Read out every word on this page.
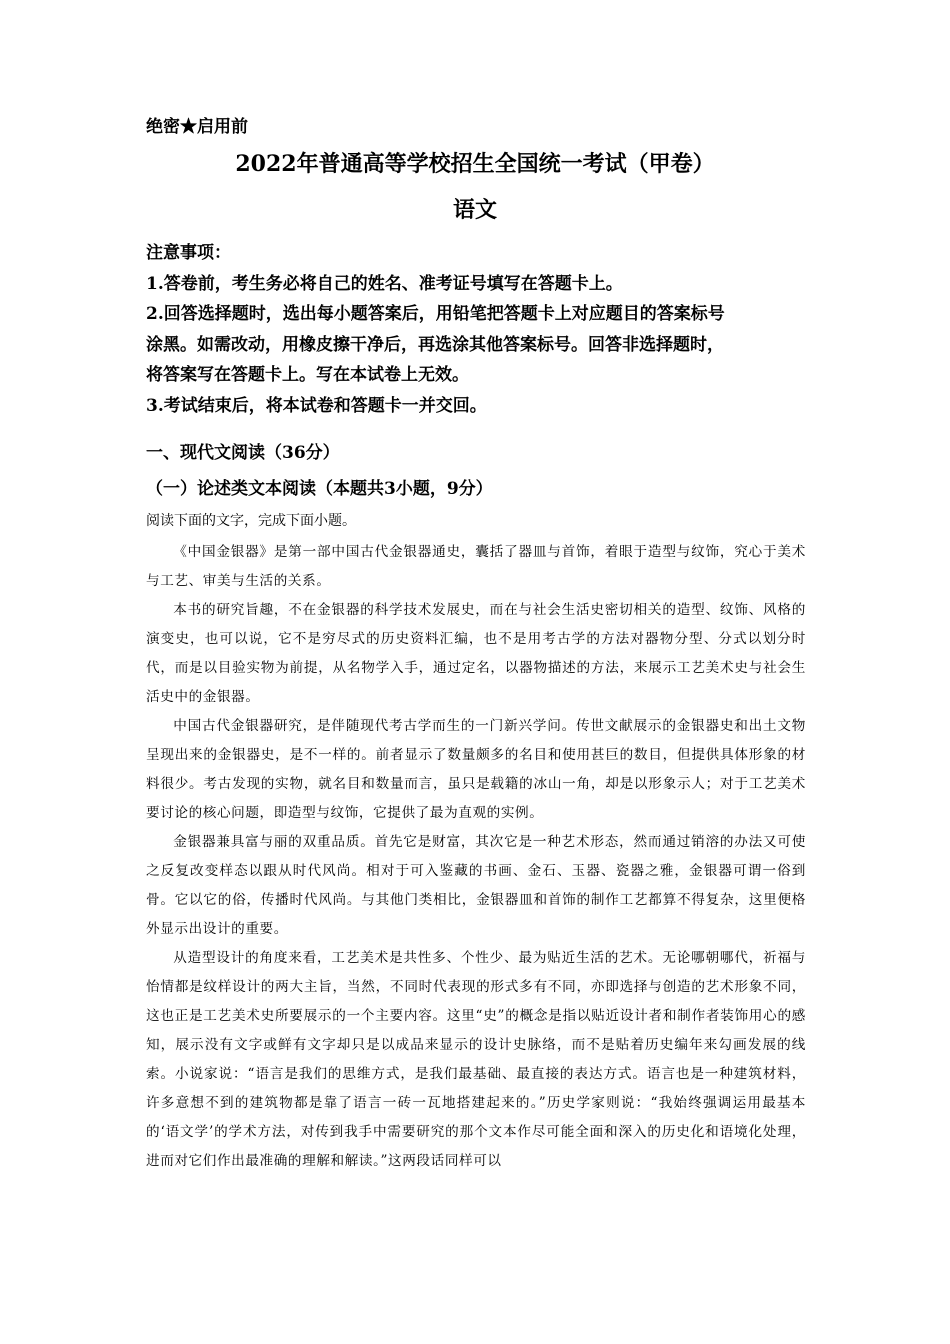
绝密★启用前
2022年普通高等学校招生全国统一考试（甲卷）
语文
注意事项：
1.答卷前，考生务必将自己的姓名、准考证号填写在答题卡上。
2.回答选择题时，选出每小题答案后，用铅笔把答题卡上对应题目的答案标号
涂黑。如需改动，用橡皮擦干净后，再选涂其他答案标号。回答非选择题时，
将答案写在答题卡上。写在本试卷上无效。
3.考试结束后，将本试卷和答题卡一并交回。
一、现代文阅读（36分）
（一）论述类文本阅读（本题共3小题，9分）
阅读下面的文字，完成下面小题。

《中国金银器》是第一部中国古代金银器通史，囊括了器皿与首饰，着眼于造型与纹饰，究心于美术与工艺、审美与生活的关系。

本书的研究旨趣，不在金银器的科学技术发展史，而在与社会生活史密切相关的造型、纹饰、风格的演变史，也可以说，它不是穷尽式的历史资料汇编，也不是用考古学的方法对器物分型、分式以划分时代，而是以目验实物为前提，从名物学入手，通过定名，以器物描述的方法，来展示工艺美术史与社会生活史中的金银器。

中国古代金银器研究，是伴随现代考古学而生的一门新兴学问。传世文献展示的金银器史和出土文物呈现出来的金银器史，是不一样的。前者显示了数量颇多的名目和使用甚巨的数目，但提供具体形象的材料很少。考古发现的实物，就名目和数量而言，虽只是载籍的冰山一角，却是以形象示人；对于工艺美术要讨论的核心问题，即造型与纹饰，它提供了最为直观的实例。

金银器兼具富与丽的双重品质。首先它是财富，其次它是一种艺术形态，然而通过销溶的办法又可使之反复改变样态以跟从时代风尚。相对于可入鉴藏的书画、金石、玉器、瓷器之雅，金银器可谓一俗到骨。它以它的俗，传播时代风尚。与其他门类相比，金银器皿和首饰的制作工艺都算不得复杂，这里便格外显示出设计的重要。

从造型设计的角度来看，工艺美术是共性多、个性少、最为贴近生活的艺术。无论哪朝哪代，祈福与怡情都是纹样设计的两大主旨，当然，不同时代表现的形式多有不同，亦即选择与创造的艺术形象不同，这也正是工艺美术史所要展示的一个主要内容。这里“史”的概念是指以贴近设计者和制作者装饰用心的感知，展示没有文字或鲜有文字却只是以成品来显示的设计史脉络，而不是贴着历史编年来勾画发展的线索。小说家说：“语言是我们的思维方式，是我们最基础、最直接的表达方式。语言也是一种建筑材料，许多意想不到的建筑物都是靠了语言一砖一瓦地搭建起来的。”历史学家则说：“我始终强调运用最基本的‘语文学’的学术方法，对传到我手中需要研究的那个文本作尽可能全面和深入的历史化和语境化处理，进而对它们作出最准确的理解和解读。”这两段话同样可以
